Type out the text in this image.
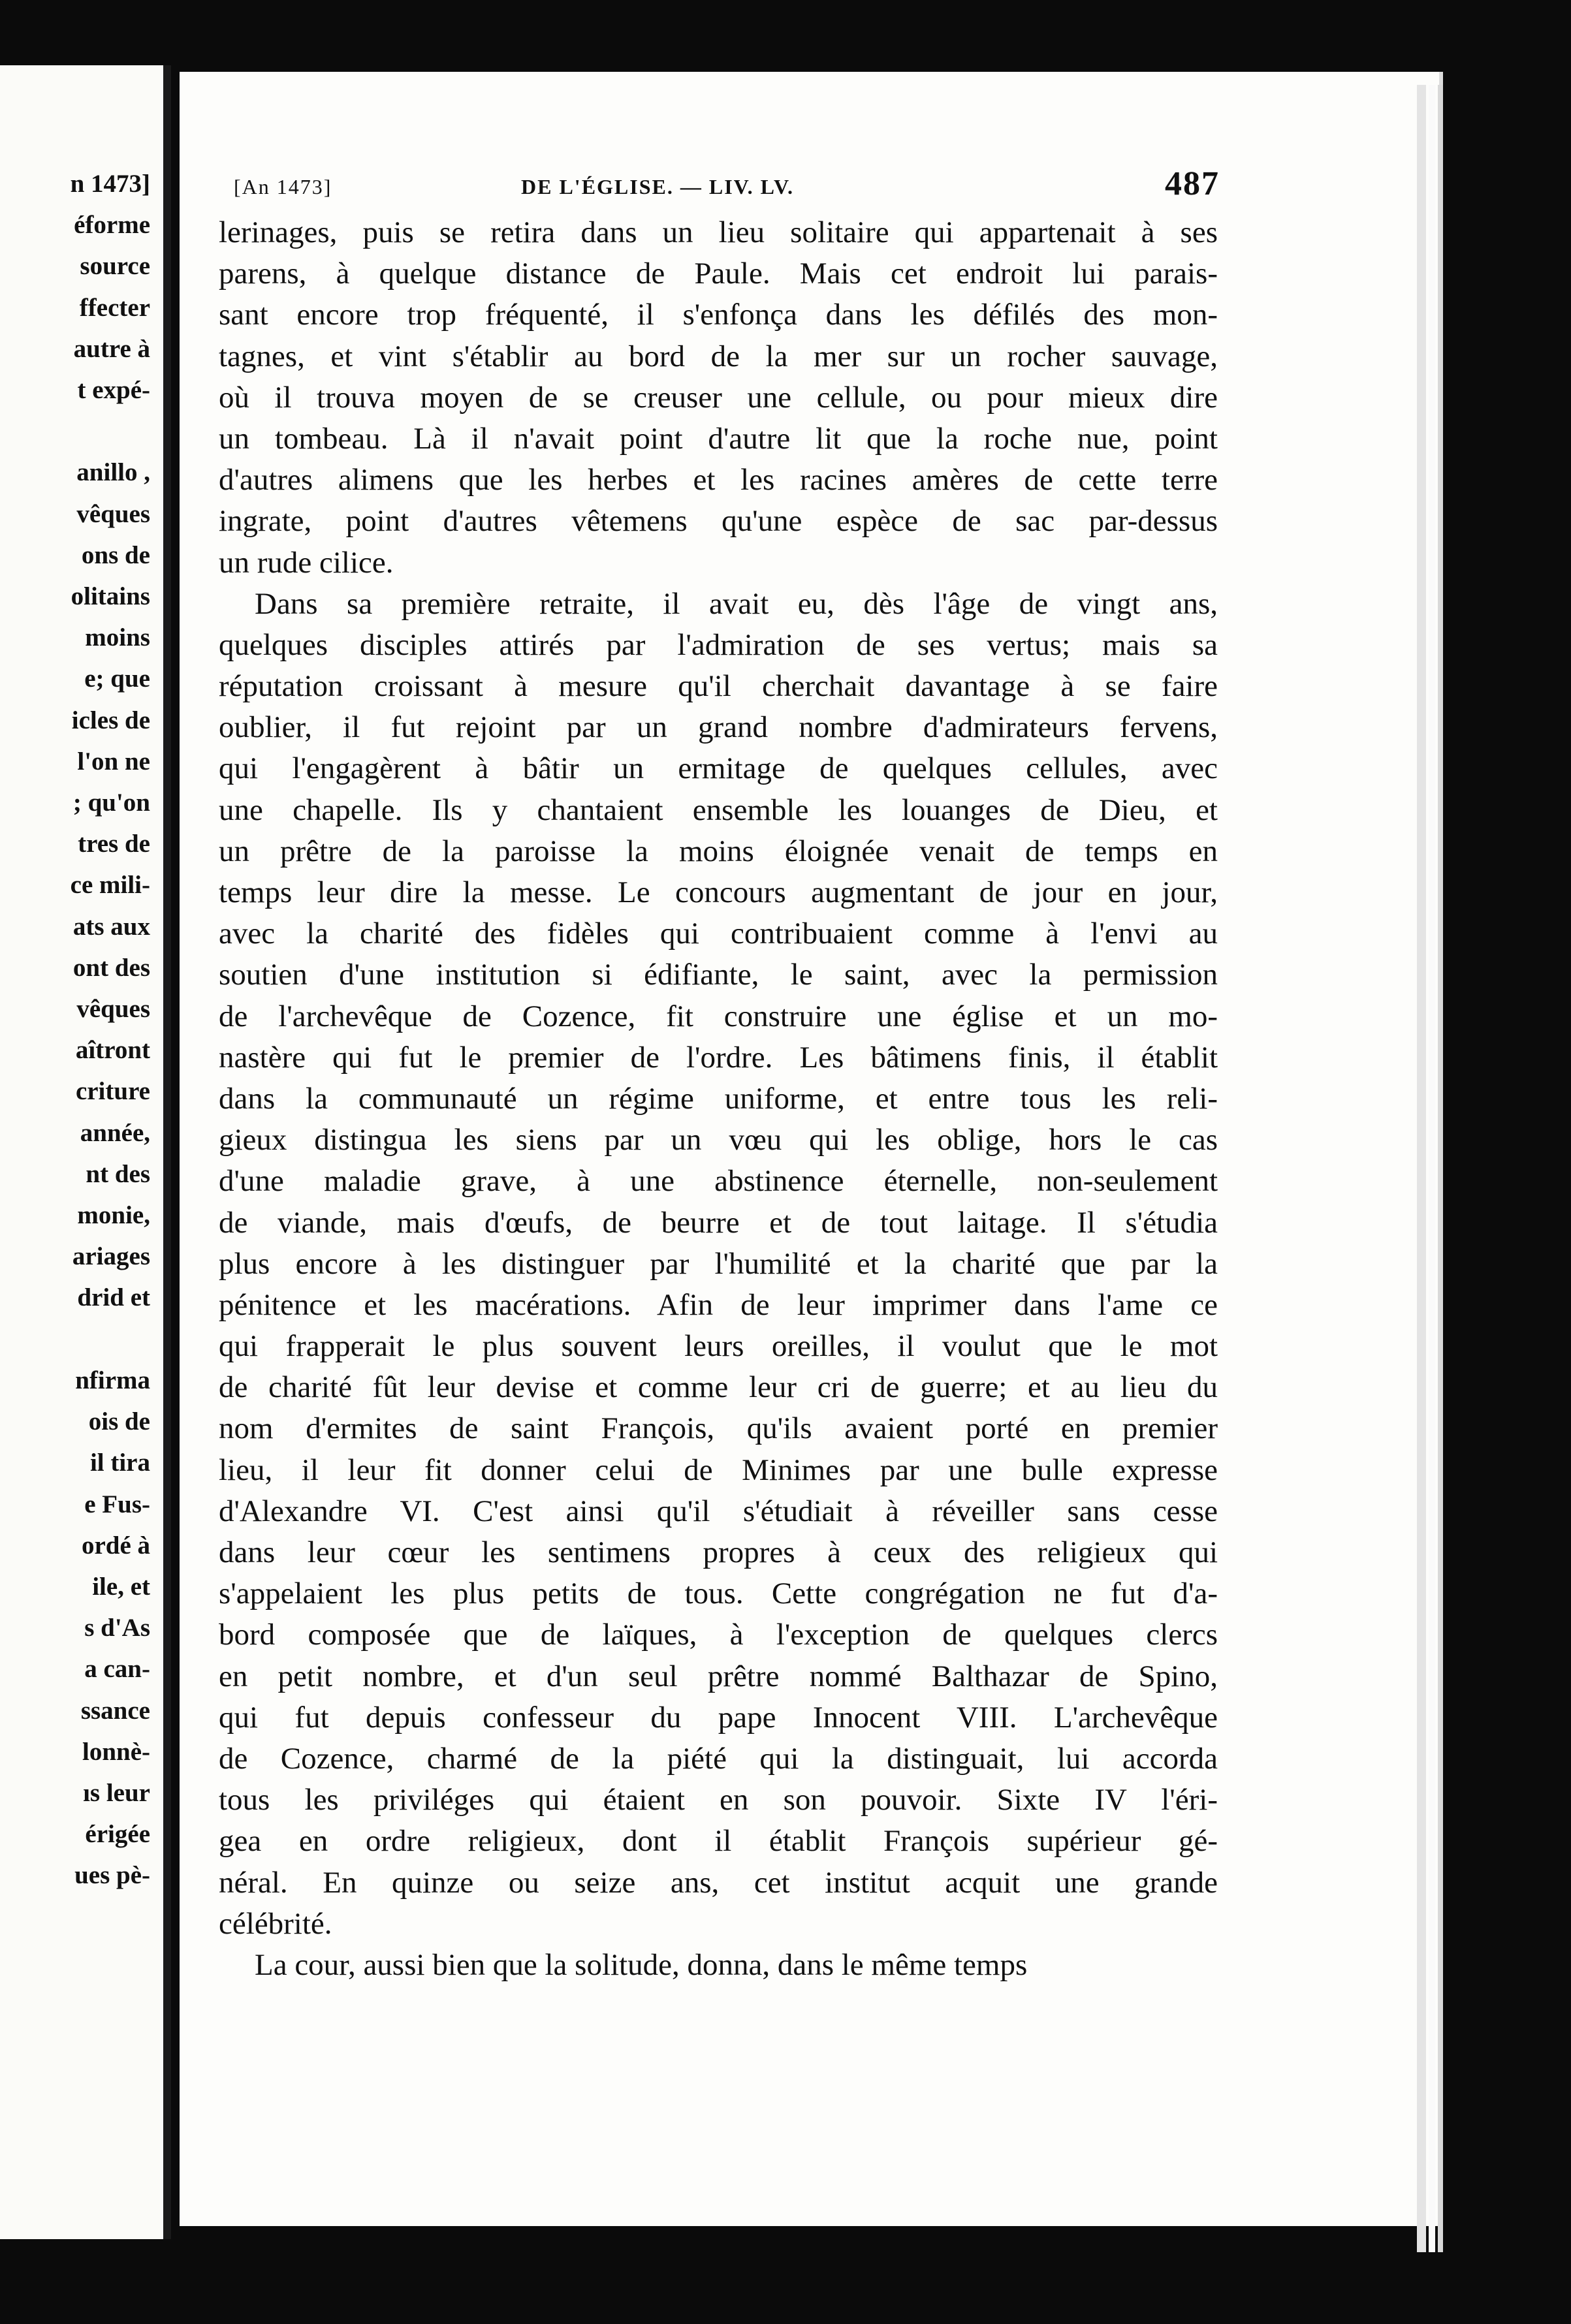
n 1473]
éforme
source
ffecter
autre à
t expé-

anillo ,
vêques
ons de
olitains
moins
e; que
icles de
l'on ne
; qu'on
tres de
ce mili-
ats aux
ont des
vêques
aîtront
criture
année,
nt des
monie,
ariages
drid et

nfirma
ois de
il tira
e Fus-
ordé à
ile, et
s d'As
a can-
ssance
lonnè-
ıs leur
érigée
ues pè-
[An 1473]	DE L'ÉGLISE. — LIV. LV.	487
lerinages, puis se retira dans un lieu solitaire qui appartenait à ses
parens, à quelque distance de Paule. Mais cet endroit lui parais-
sant encore trop fréquenté, il s'enfonça dans les défilés des mon-
tagnes, et vint s'établir au bord de la mer sur un rocher sauvage,
où il trouva moyen de se creuser une cellule, ou pour mieux dire
un tombeau. Là il n'avait point d'autre lit que la roche nue, point
d'autres alimens que les herbes et les racines amères de cette terre
ingrate, point d'autres vêtemens qu'une espèce de sac par-dessus
un rude cilice.
Dans sa première retraite, il avait eu, dès l'âge de vingt ans,
quelques disciples attirés par l'admiration de ses vertus; mais sa
réputation croissant à mesure qu'il cherchait davantage à se faire
oublier, il fut rejoint par un grand nombre d'admirateurs fervens,
qui l'engagèrent à bâtir un ermitage de quelques cellules, avec
une chapelle. Ils y chantaient ensemble les louanges de Dieu, et
un prêtre de la paroisse la moins éloignée venait de temps en
temps leur dire la messe. Le concours augmentant de jour en jour,
avec la charité des fidèles qui contribuaient comme à l'envi au
soutien d'une institution si édifiante, le saint, avec la permission
de l'archevêque de Cozence, fit construire une église et un mo-
nastère qui fut le premier de l'ordre. Les bâtimens finis, il établit
dans la communauté un régime uniforme, et entre tous les reli-
gieux distingua les siens par un vœu qui les oblige, hors le cas
d'une maladie grave, à une abstinence éternelle, non-seulement
de viande, mais d'œufs, de beurre et de tout laitage. Il s'étudia
plus encore à les distinguer par l'humilité et la charité que par la
pénitence et les macérations. Afin de leur imprimer dans l'ame ce
qui frapperait le plus souvent leurs oreilles, il voulut que le mot
de charité fût leur devise et comme leur cri de guerre; et au lieu du
nom d'ermites de saint François, qu'ils avaient porté en premier
lieu, il leur fit donner celui de Minimes par une bulle expresse
d'Alexandre VI. C'est ainsi qu'il s'étudiait à réveiller sans cesse
dans leur cœur les sentimens propres à ceux des religieux qui
s'appelaient les plus petits de tous. Cette congrégation ne fut d'a-
bord composée que de laïques, à l'exception de quelques clercs
en petit nombre, et d'un seul prêtre nommé Balthazar de Spino,
qui fut depuis confesseur du pape Innocent VIII. L'archevêque
de Cozence, charmé de la piété qui la distinguait, lui accorda
tous les priviléges qui étaient en son pouvoir. Sixte IV l'éri-
gea en ordre religieux, dont il établit François supérieur gé-
néral. En quinze ou seize ans, cet institut acquit une grande
célébrité.
La cour, aussi bien que la solitude, donna, dans le même temps
